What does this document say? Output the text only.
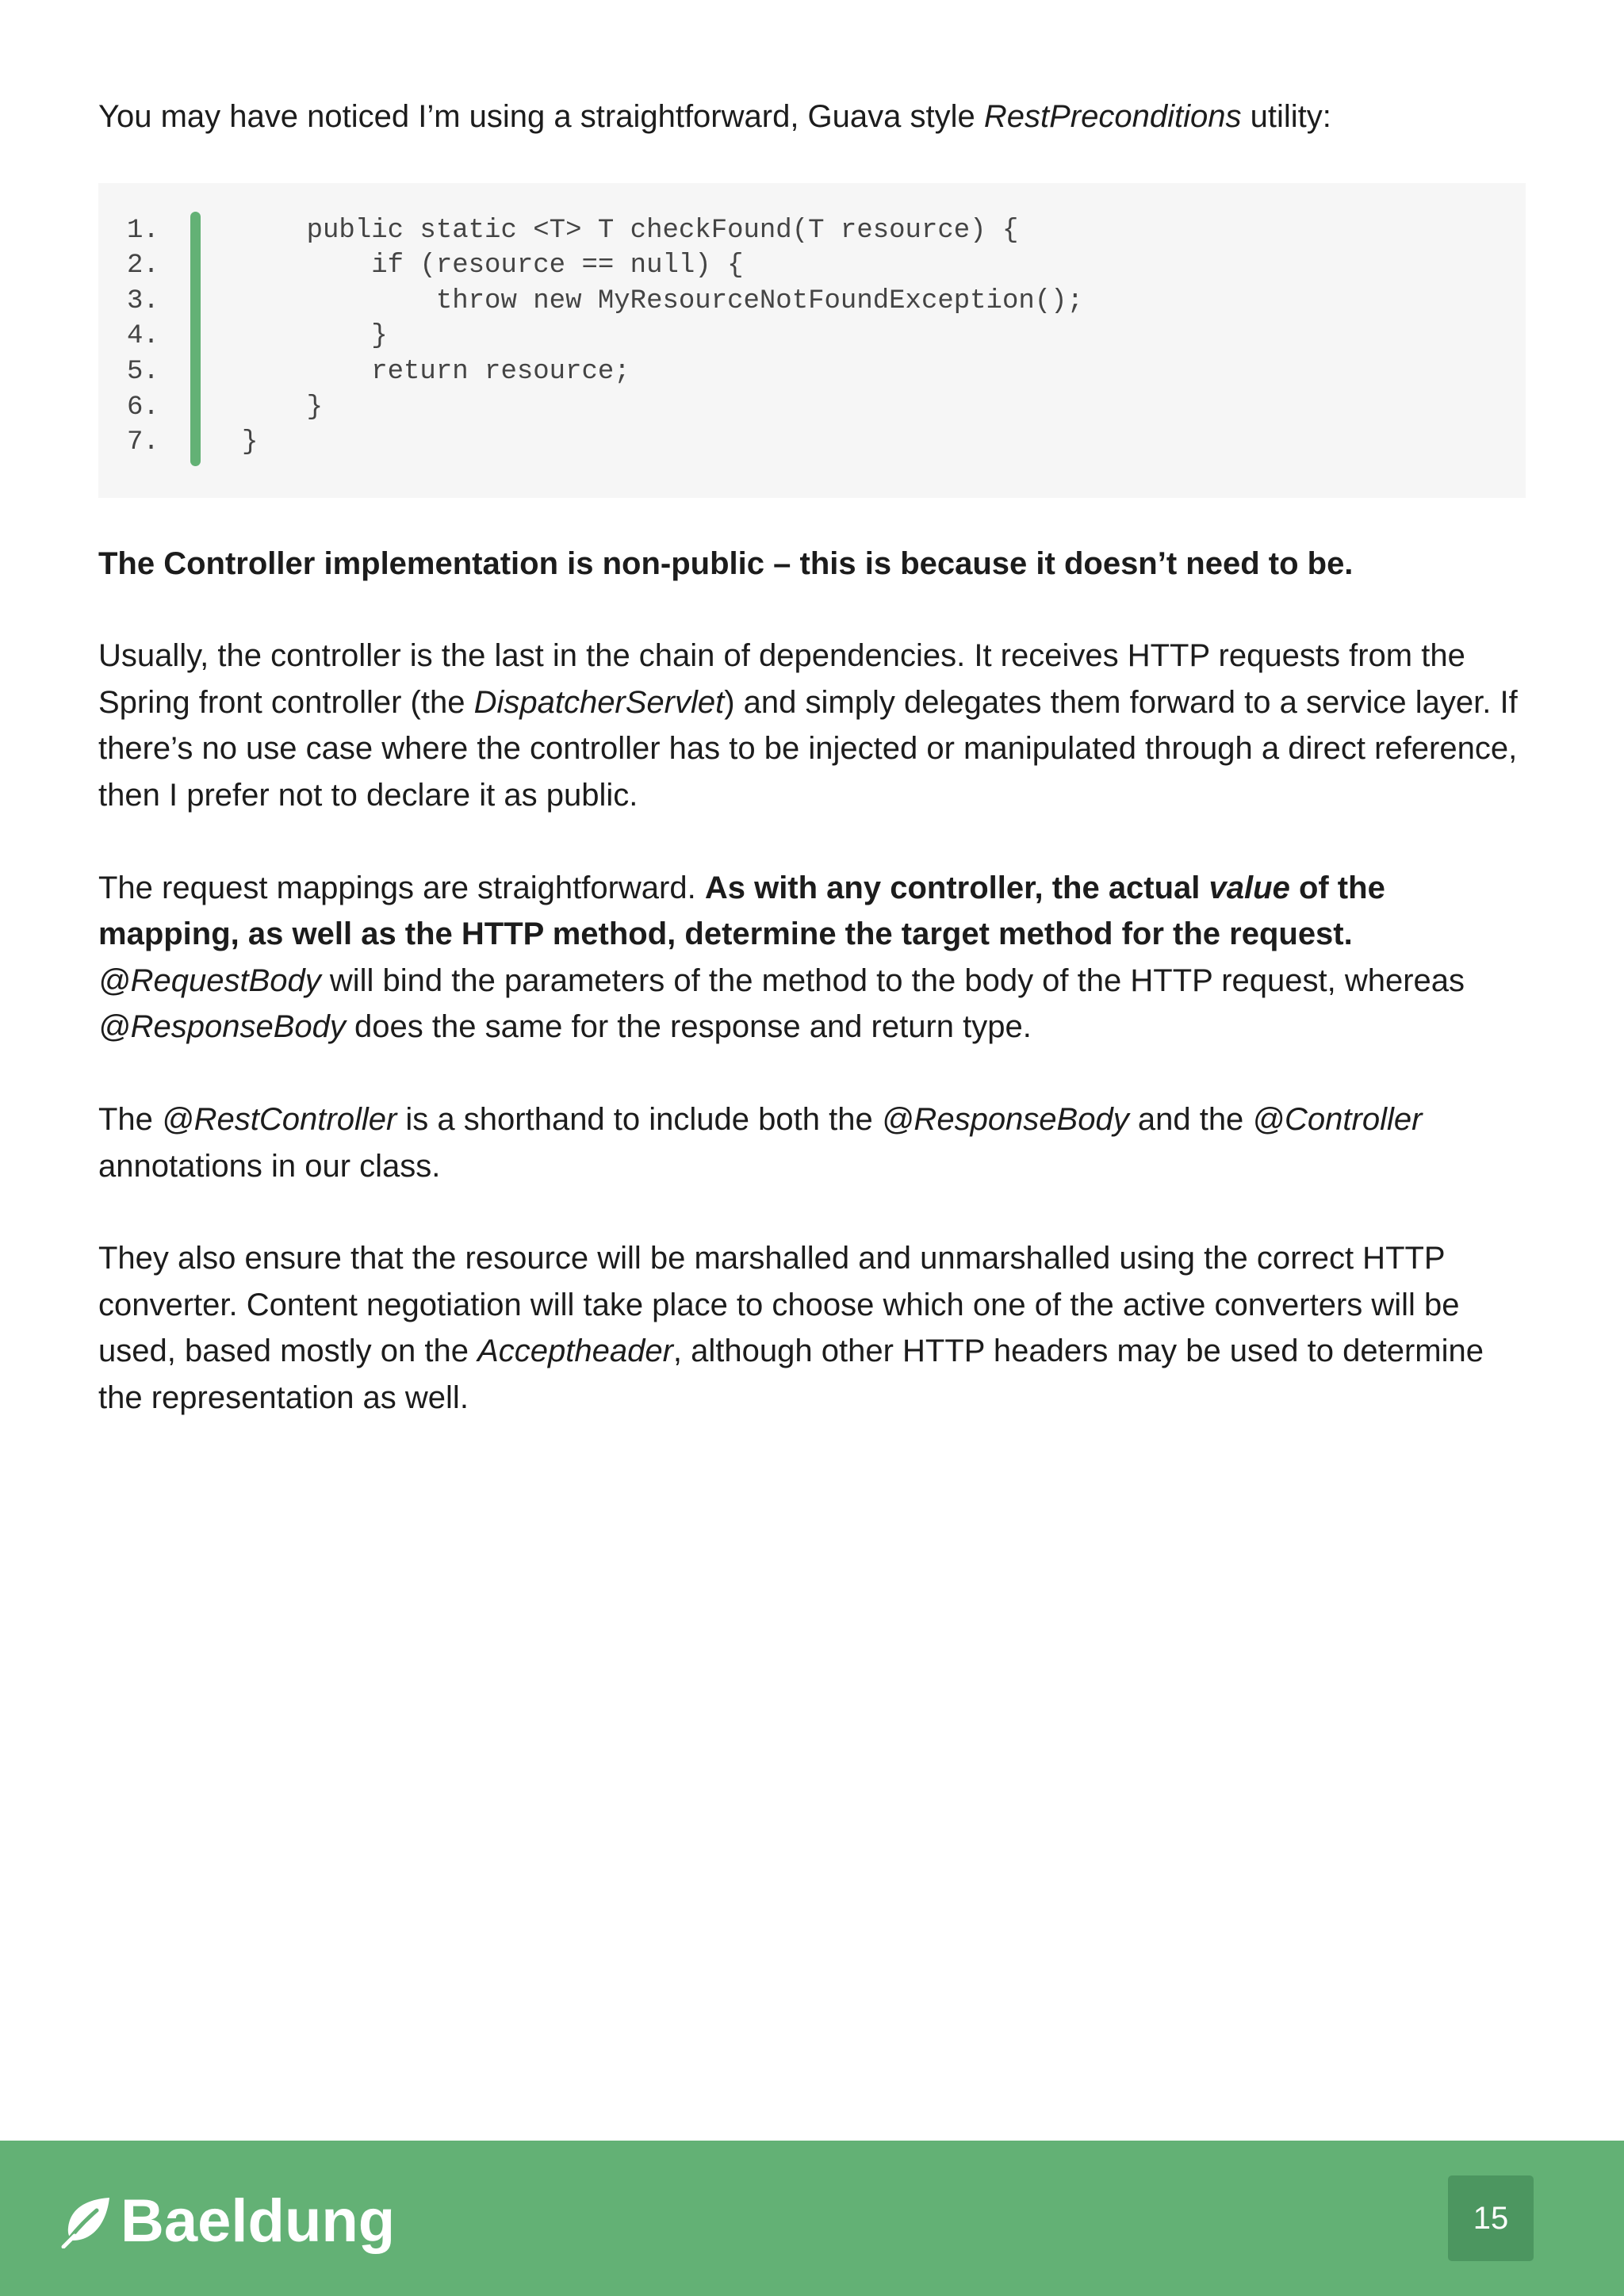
You may have noticed I’m using a straightforward, Guava style RestPreconditions utility:

1.	public static <T> T checkFound(T resource) {
2.	if (resource == null) {
3.	throw new MyResourceNotFoundException();
4.	}
5.	return resource;
6.	}
7.	}

The Controller implementation is non-public – this is because it doesn’t need to be.

Usually, the controller is the last in the chain of dependencies. It receives HTTP requests from the Spring front controller (the DispatcherServlet) and simply delegates them forward to a service layer. If there’s no use case where the controller has to be injected or manipulated through a direct reference, then I prefer not to declare it as public.

The request mappings are straightforward. As with any controller, the actual value of the mapping, as well as the HTTP method, determine the target method for the request. @RequestBody will bind the parameters of the method to the body of the HTTP request, whereas @ResponseBody does the same for the response and return type.

The @RestController is a shorthand to include both the @ResponseBody and the @Controller annotations in our class.

They also ensure that the resource will be marshalled and unmarshalled using the correct HTTP converter. Content negotiation will take place to choose which one of the active converters will be used, based mostly on the Acceptheader, although other HTTP headers may be used to determine the representation as well.

Baeldung	15
